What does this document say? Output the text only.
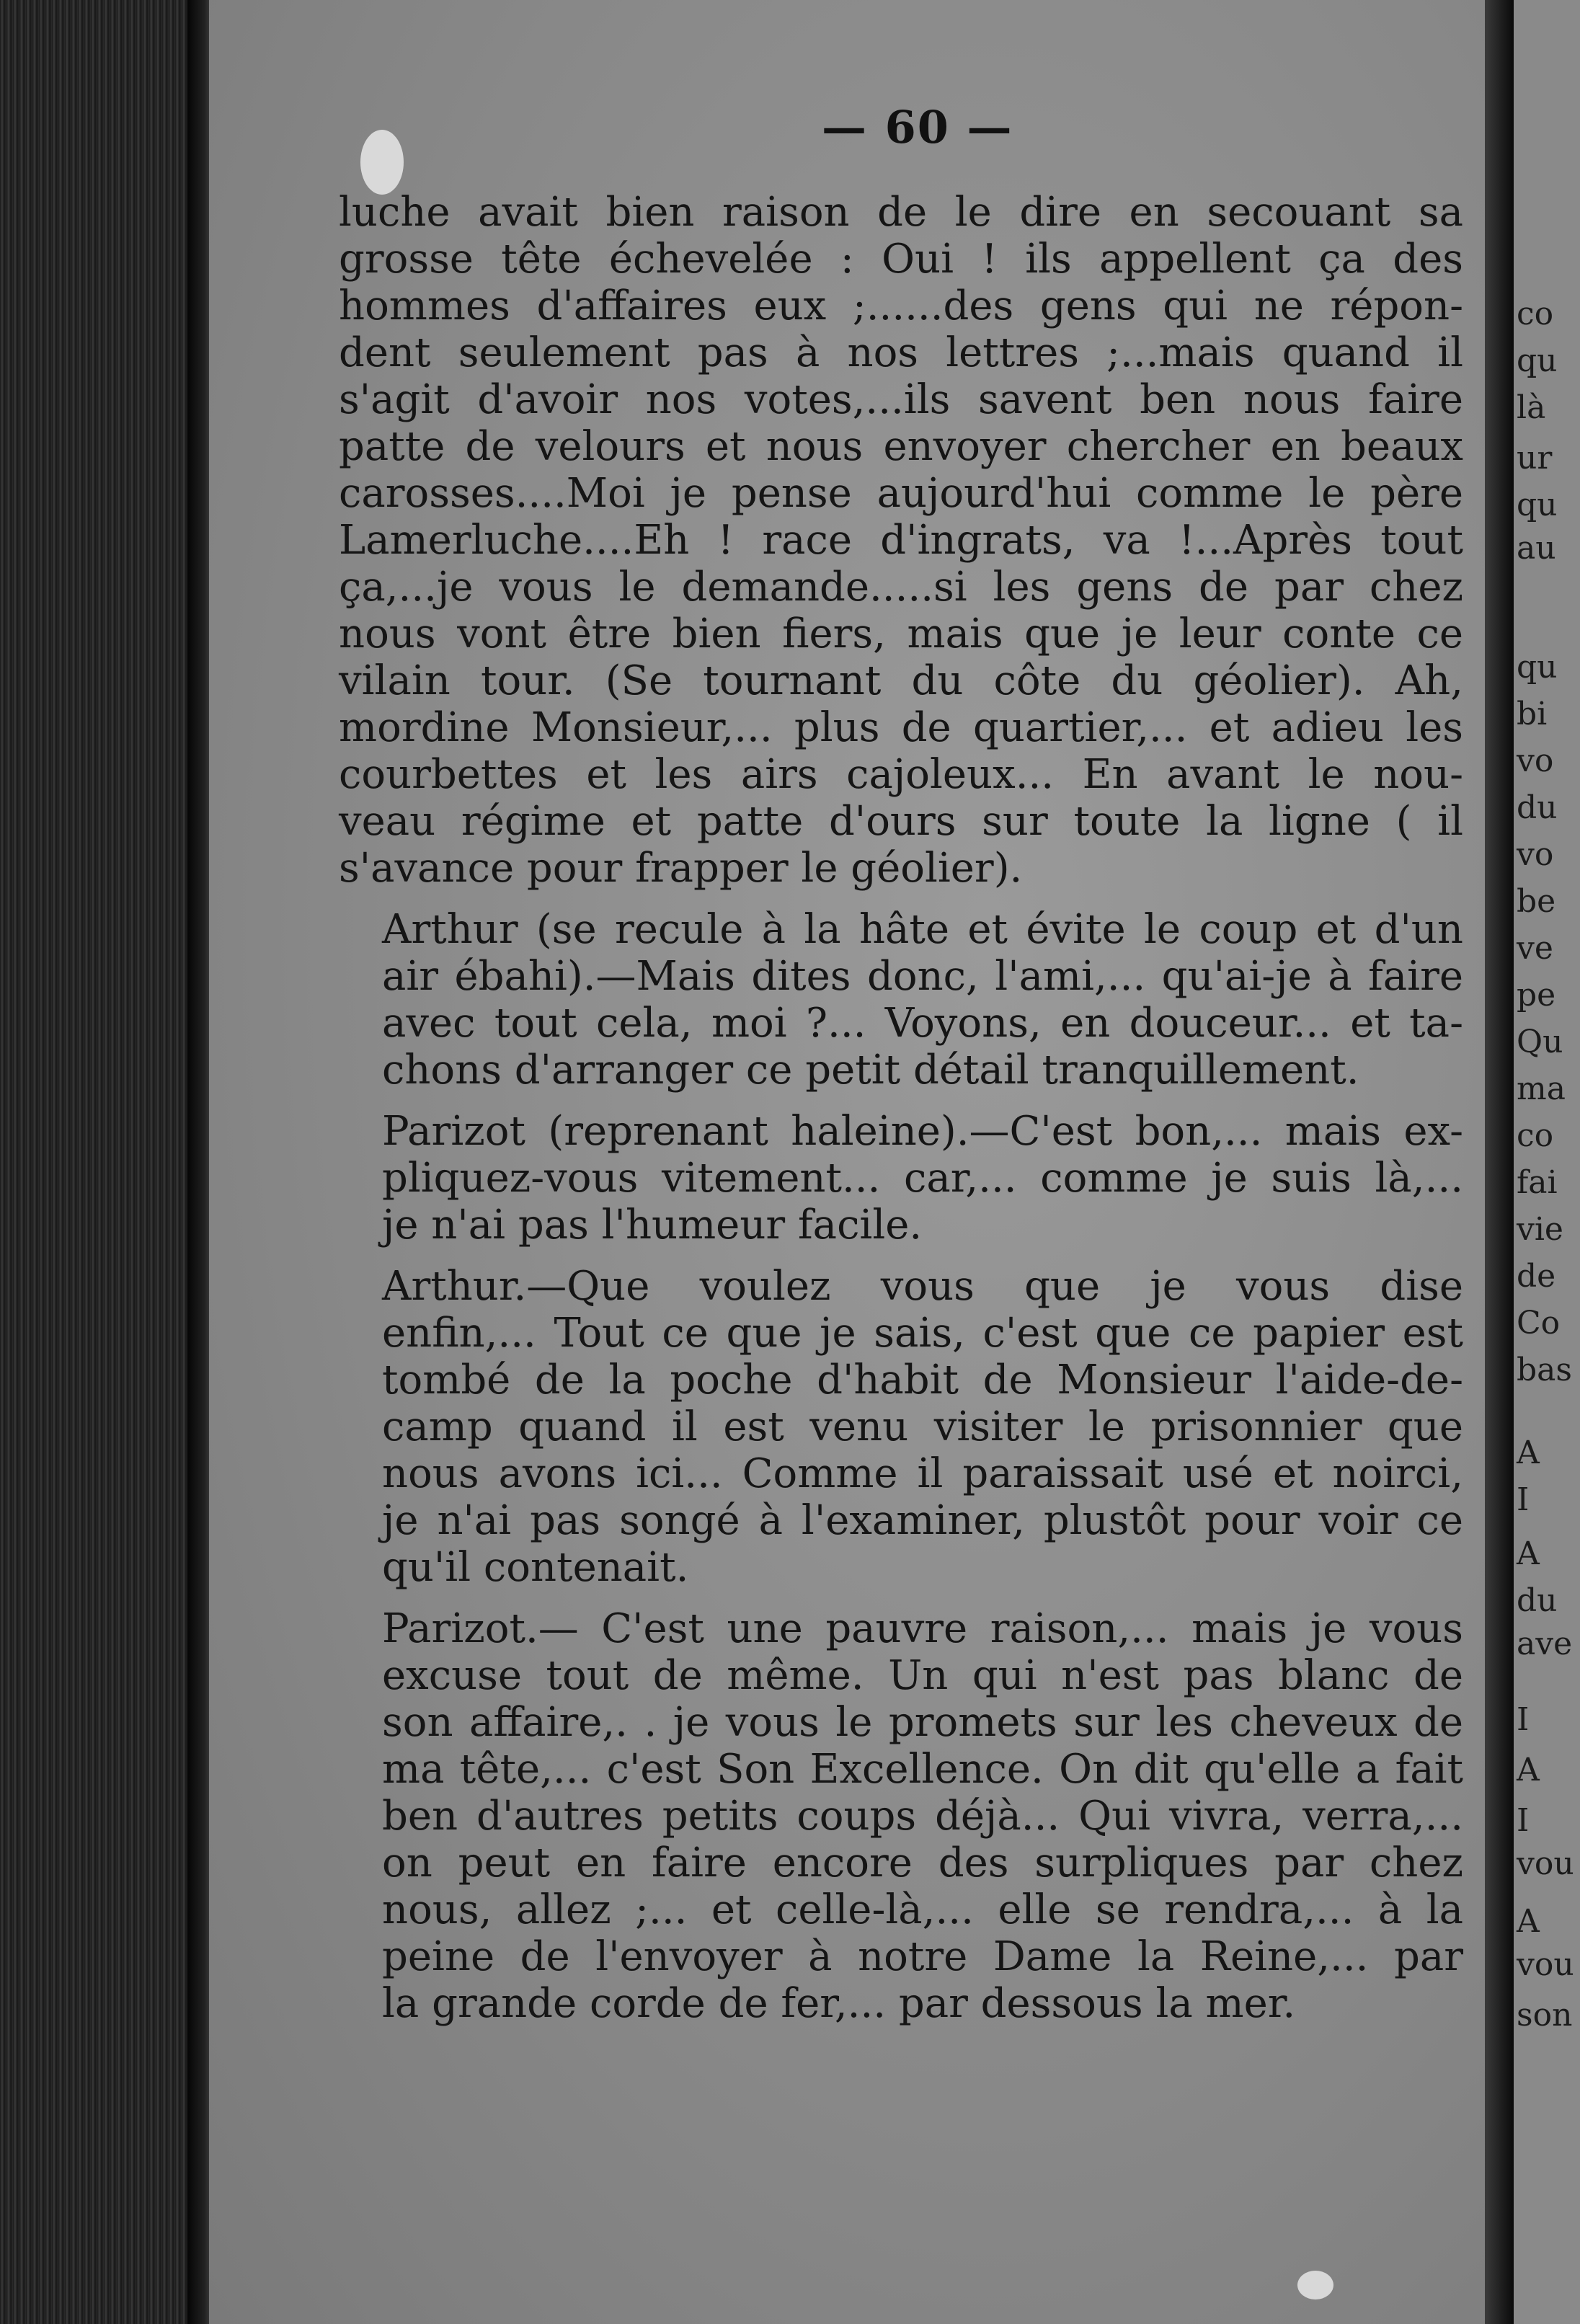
co
qu
là
ur
qu
au
qu
bi
vo
du
vo
be
ve
pe
Qu
ma
co
fai
vie
de
Co
bas
A
I
A
du
ave
I
A
I
vou
A
vou
son
— 60 —
luche avait bien raison de le dire en secouant sa
grosse tête échevelée : Oui ! ils appellent ça des
hommes d'affaires eux ;......des gens qui ne répon-
dent seulement pas à nos lettres ;...mais quand il
s'agit d'avoir nos votes,...ils savent ben nous faire
patte de velours et nous envoyer chercher en beaux
carosses....Moi je pense aujourd'hui comme le père
Lamerluche....Eh ! race d'ingrats, va !...Après tout
ça,...je vous le demande.....si les gens de par chez
nous vont être bien fiers, mais que je leur conte ce
vilain tour. (Se tournant du côte du géolier). Ah,
mordine Monsieur,... plus de quartier,... et adieu les
courbettes et les airs cajoleux... En avant le nou-
veau régime et patte d'ours sur toute la ligne ( il
s'avance pour frapper le géolier).
Arthur (se recule à la hâte et évite le coup et d'un
air ébahi).—Mais dites donc, l'ami,... qu'ai-je à faire
avec tout cela, moi ?... Voyons, en douceur... et ta-
chons d'arranger ce petit détail tranquillement.
Parizot (reprenant haleine).—C'est bon,... mais ex-
pliquez-vous vitement... car,... comme je suis là,...
je n'ai pas l'humeur facile.
Arthur.—Que voulez vous que je vous dise
enfin,... Tout ce que je sais, c'est que ce papier est
tombé de la poche d'habit de Monsieur l'aide-de-
camp quand il est venu visiter le prisonnier que
nous avons ici... Comme il paraissait usé et noirci,
je n'ai pas songé à l'examiner, plustôt pour voir ce
qu'il contenait.
Parizot.— C'est une pauvre raison,... mais je vous
excuse tout de même. Un qui n'est pas blanc de
son affaire,. . je vous le promets sur les cheveux de
ma tête,... c'est Son Excellence. On dit qu'elle a fait
ben d'autres petits coups déjà... Qui vivra, verra,...
on peut en faire encore des surpliques par chez
nous, allez ;... et celle-là,... elle se rendra,... à la
peine de l'envoyer à notre Dame la Reine,... par
la grande corde de fer,... par dessous la mer.
